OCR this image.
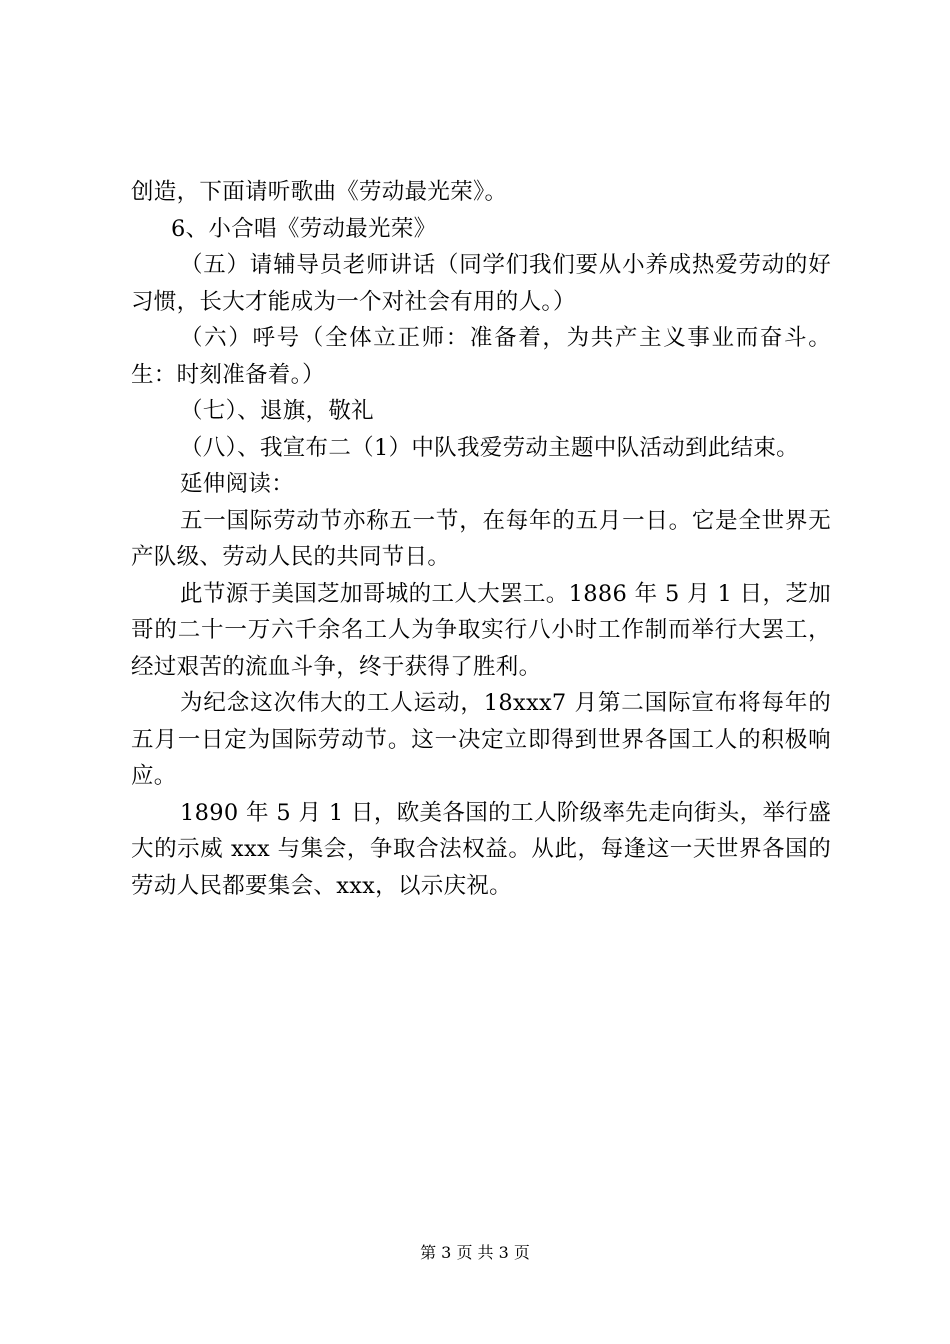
创造，下面请听歌曲《劳动最光荣》。

6、小合唱《劳动最光荣》

（五）请辅导员老师讲话（同学们我们要从小养成热爱劳动的好习惯，长大才能成为一个对社会有用的人。）

（六）呼号（全体立正师：准备着，为共产主义事业而奋斗。生：时刻准备着。）

（七）、退旗，敬礼

（八）、我宣布二（1）中队我爱劳动主题中队活动到此结束。

延伸阅读：

五一国际劳动节亦称五一节，在每年的五月一日。它是全世界无产队级、劳动人民的共同节日。

此节源于美国芝加哥城的工人大罢工。1886 年 5 月 1 日，芝加哥的二十一万六千余名工人为争取实行八小时工作制而举行大罢工，经过艰苦的流血斗争，终于获得了胜利。

为纪念这次伟大的工人运动，18xxx7 月第二国际宣布将每年的五月一日定为国际劳动节。这一决定立即得到世界各国工人的积极响应。

1890 年 5 月 1 日，欧美各国的工人阶级率先走向街头，举行盛大的示威 xxx 与集会，争取合法权益。从此，每逢这一天世界各国的劳动人民都要集会、xxx，以示庆祝。

第 3 页 共 3 页
